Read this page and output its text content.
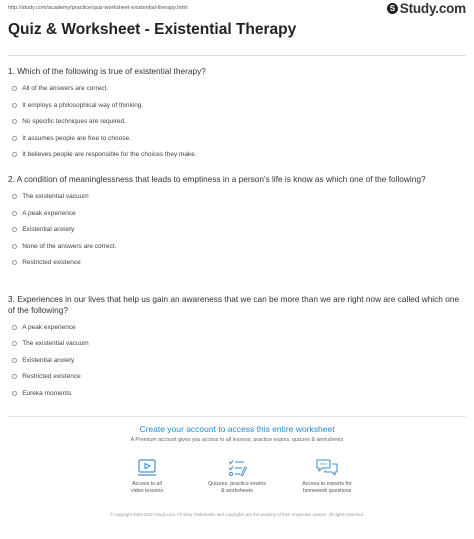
http://study.com/academy/practice/quiz-worksheet-existential-therapy.html	S Study.com
Quiz & Worksheet - Existential Therapy

1. Which of the following is true of existential therapy?

All of the answers are correct.
It employs a philosophical way of thinking.
No specific techniques are required.
It assumes people are free to choose.
It believes people are responsible for the choices they make.

2. A condition of meaninglessness that leads to emptiness in a person's life is know as which one of the following?

The existential vacuum
A peak experience
Existential anxiety
None of the answers are correct.
Restricted existence

3. Experiences in our lives that help us gain an awareness that we can be more than we are right now are called which one of the following?

A peak experience
The existential vacuum
Existential anxiety
Restricted existence
Eureka moments
Create your account to access this entire worksheet
A Premium account gives you access to all lessons, practice exams, quizzes & worksheets
Access to all
video lessons
Quizzes, practice exams
& worksheets
Access to experts for
homework questions
© copyright 2003-2020 Study.com. All other trademarks and copyrights are the property of their respective owners. All rights reserved.
